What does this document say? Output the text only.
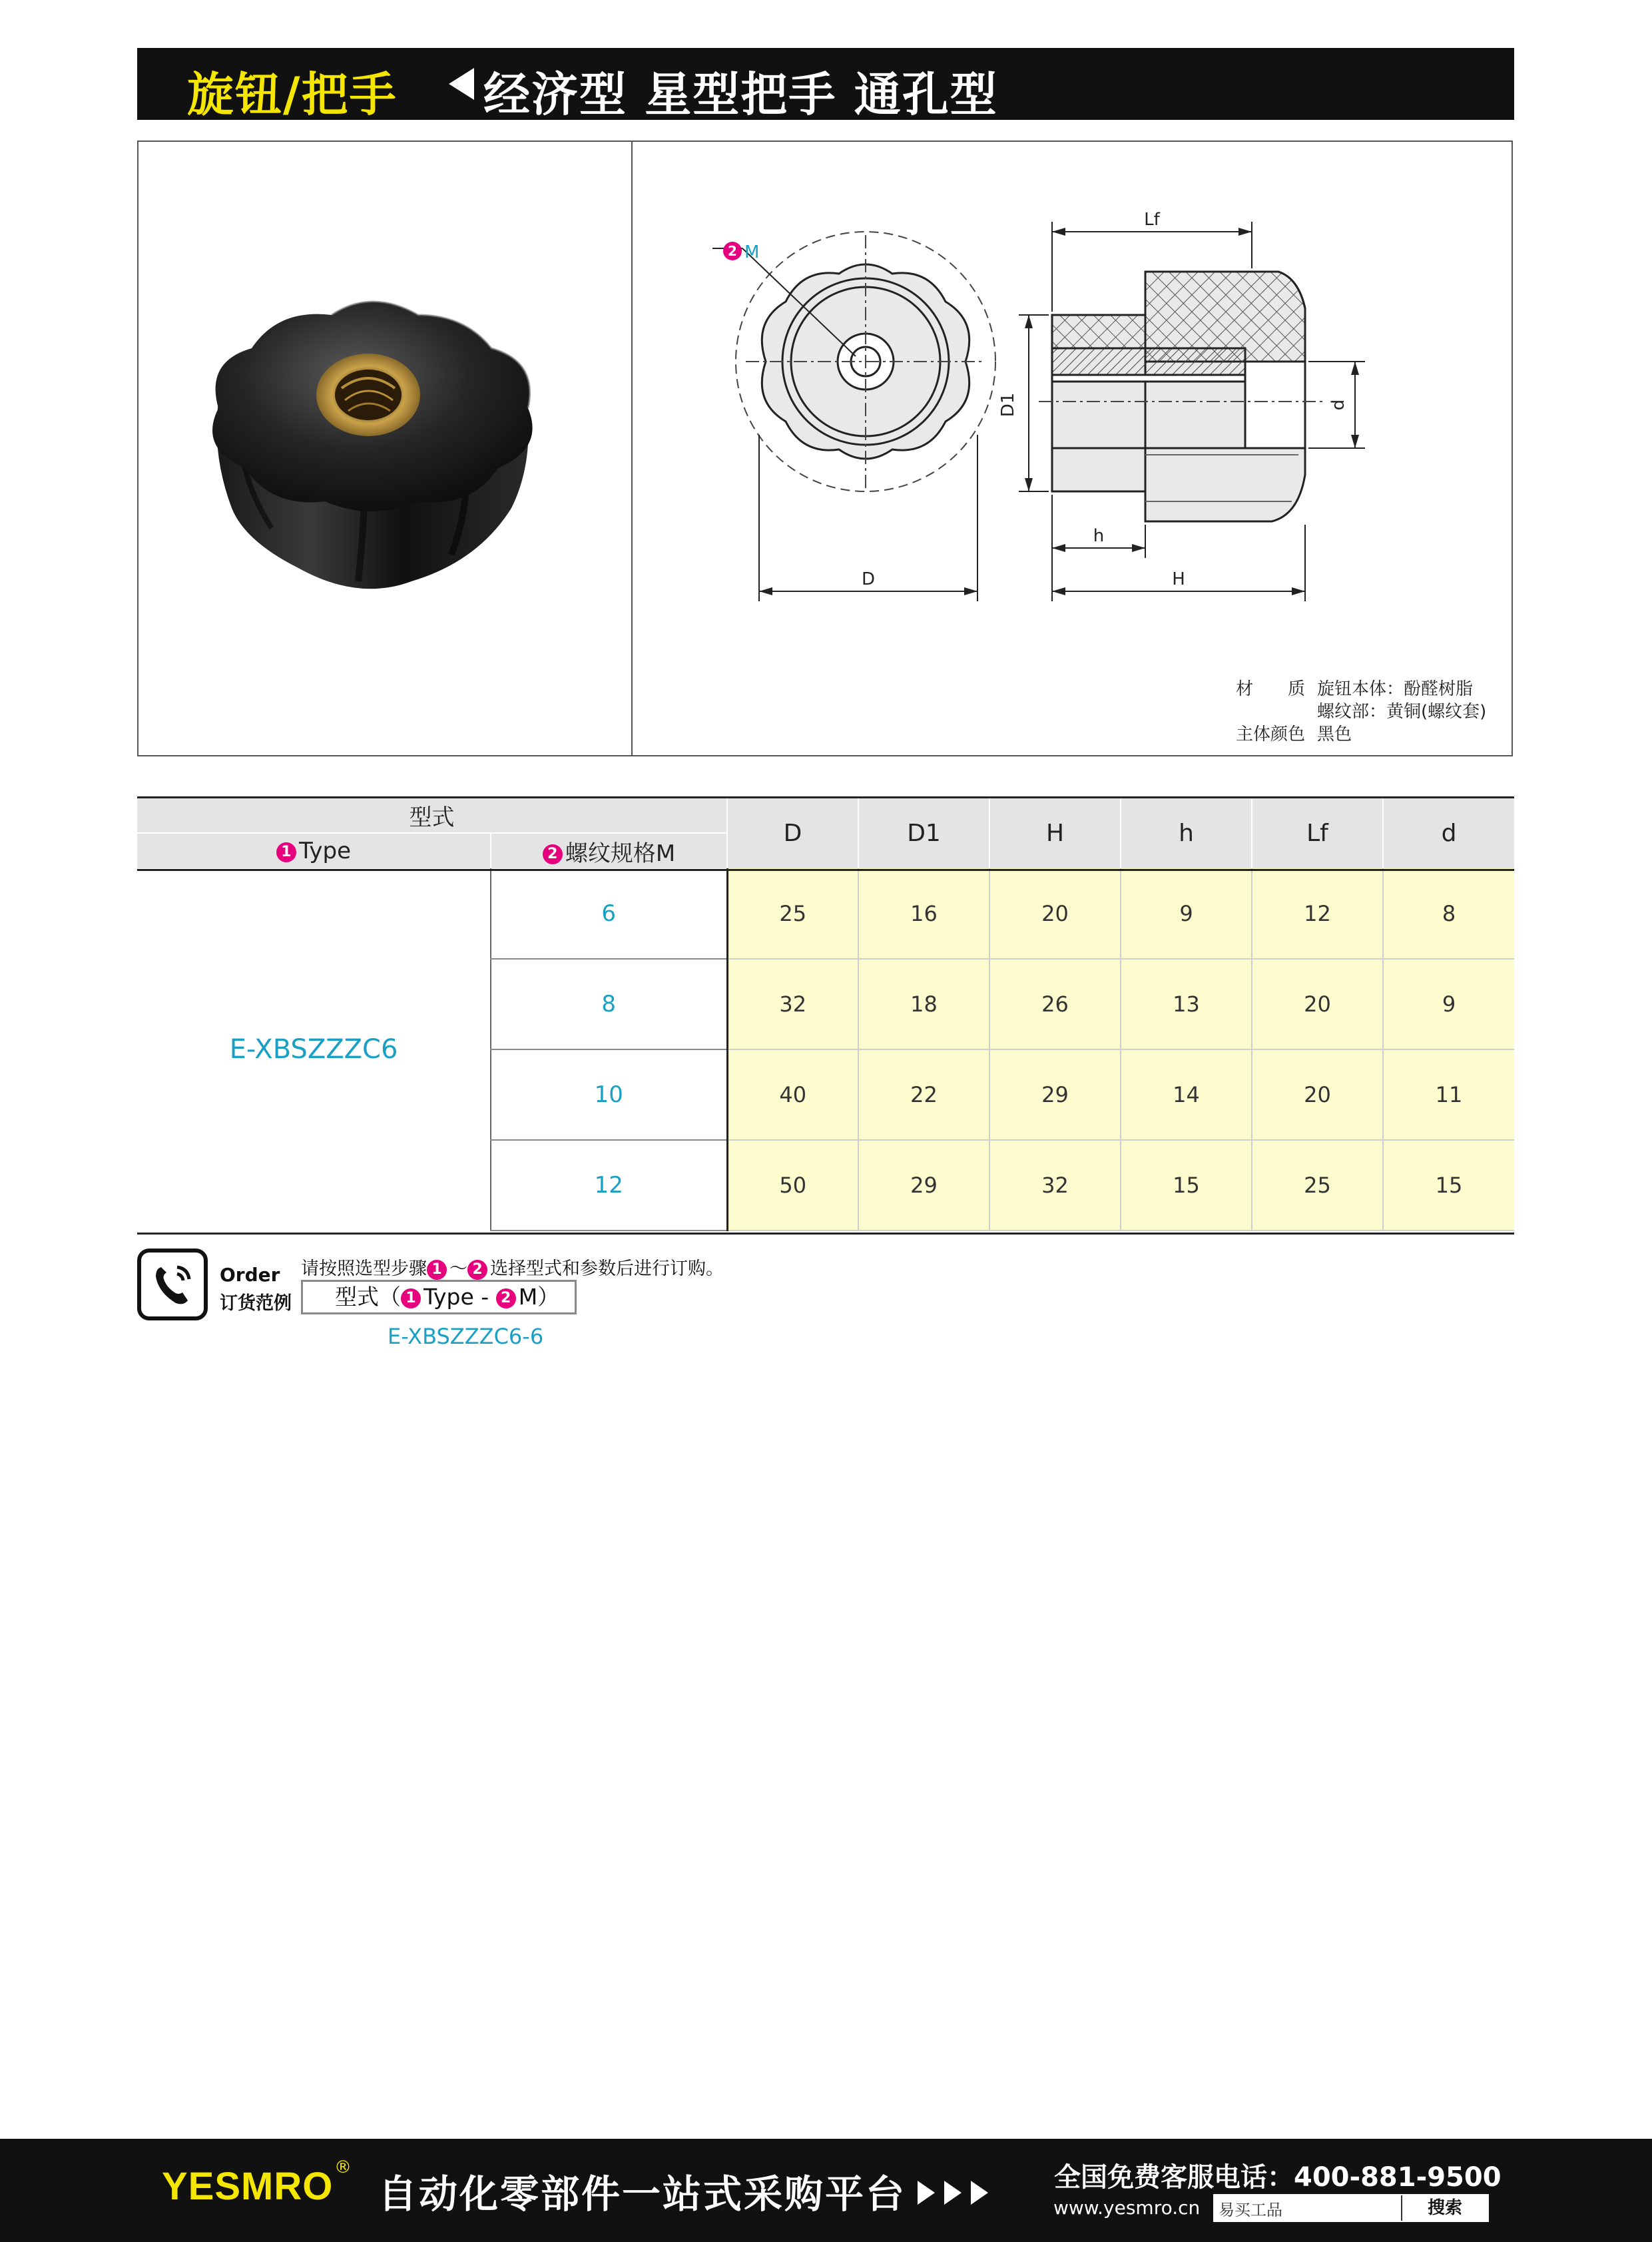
旋钮/把手 经济型 星型把手 通孔型
2 M
D
Lf
D1	d
h
H
材　　质 旋钮本体：酚醛树脂
螺纹部：黄铜(螺纹套)
主体颜色 黑色
型式		D	D1	H	h	Lf	d
1 Type	2 螺纹规格M						
E-XBSZZZC6	6	25	16	20	9	12	8
	8	32	18	26	13	20	9
	10	40	22	29	14	20	11
	12	50	29	32	15	25	15
Order
订货范例
请按照选型步骤 1 ～ 2 选择型式和参数后进行订购。
型式（ 1 Type - 2 M）
E-XBSZZZC6-6
YESMRO ®
自动化零部件一站式采购平台	全国免费客服电话：400-881-9500
www.yesmro.cn 易买工品	搜索
